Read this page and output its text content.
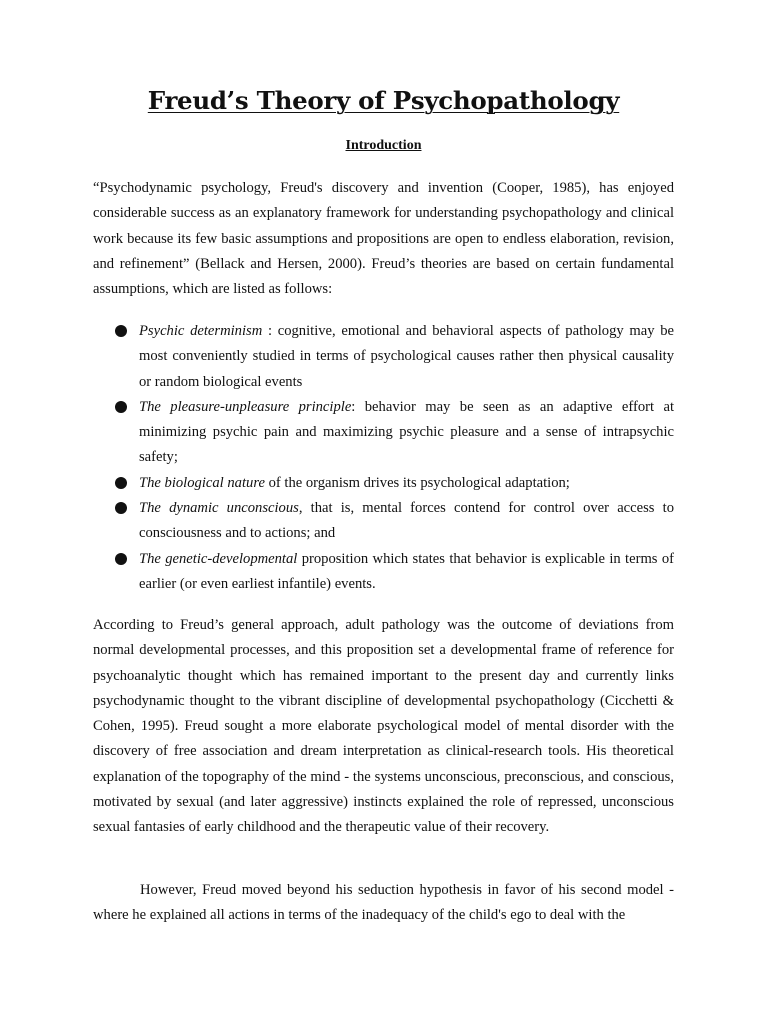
Freud’s Theory of Psychopathology
Introduction

“Psychodynamic psychology, Freud's discovery and invention (Cooper, 1985), has enjoyed considerable success as an explanatory framework for understanding psychopathology and clinical work because its few basic assumptions and propositions are open to endless elaboration, revision, and refinement” (Bellack and Hersen, 2000). Freud’s theories are based on certain fundamental assumptions, which are listed as follows:

Psychic determinism : cognitive, emotional and behavioral aspects of pathology may be most conveniently studied in terms of psychological causes rather then physical causality or random biological events
The pleasure-unpleasure principle: behavior may be seen as an adaptive effort at minimizing psychic pain and maximizing psychic pleasure and a sense of intrapsychic safety;
The biological nature of the organism drives its psychological adaptation;
The dynamic unconscious, that is, mental forces contend for control over access to consciousness and to actions; and
The genetic-developmental proposition which states that behavior is explicable in terms of earlier (or even earliest infantile) events.

According to Freud’s general approach, adult pathology was the outcome of deviations from normal developmental processes, and this proposition set a developmental frame of reference for psychoanalytic thought which has remained important to the present day and currently links psychodynamic thought to the vibrant discipline of developmental psychopathology (Cicchetti & Cohen, 1995). Freud sought a more elaborate psychological model of mental disorder with the discovery of free association and dream interpretation as clinical-research tools. His theoretical explanation of the topography of the mind - the systems unconscious, preconscious, and conscious, motivated by sexual (and later aggressive) instincts explained the role of repressed, unconscious sexual fantasies of early childhood and the therapeutic value of their recovery.

However, Freud moved beyond his seduction hypothesis in favor of his second model - where he explained all actions in terms of the inadequacy of the child's ego to deal with the
